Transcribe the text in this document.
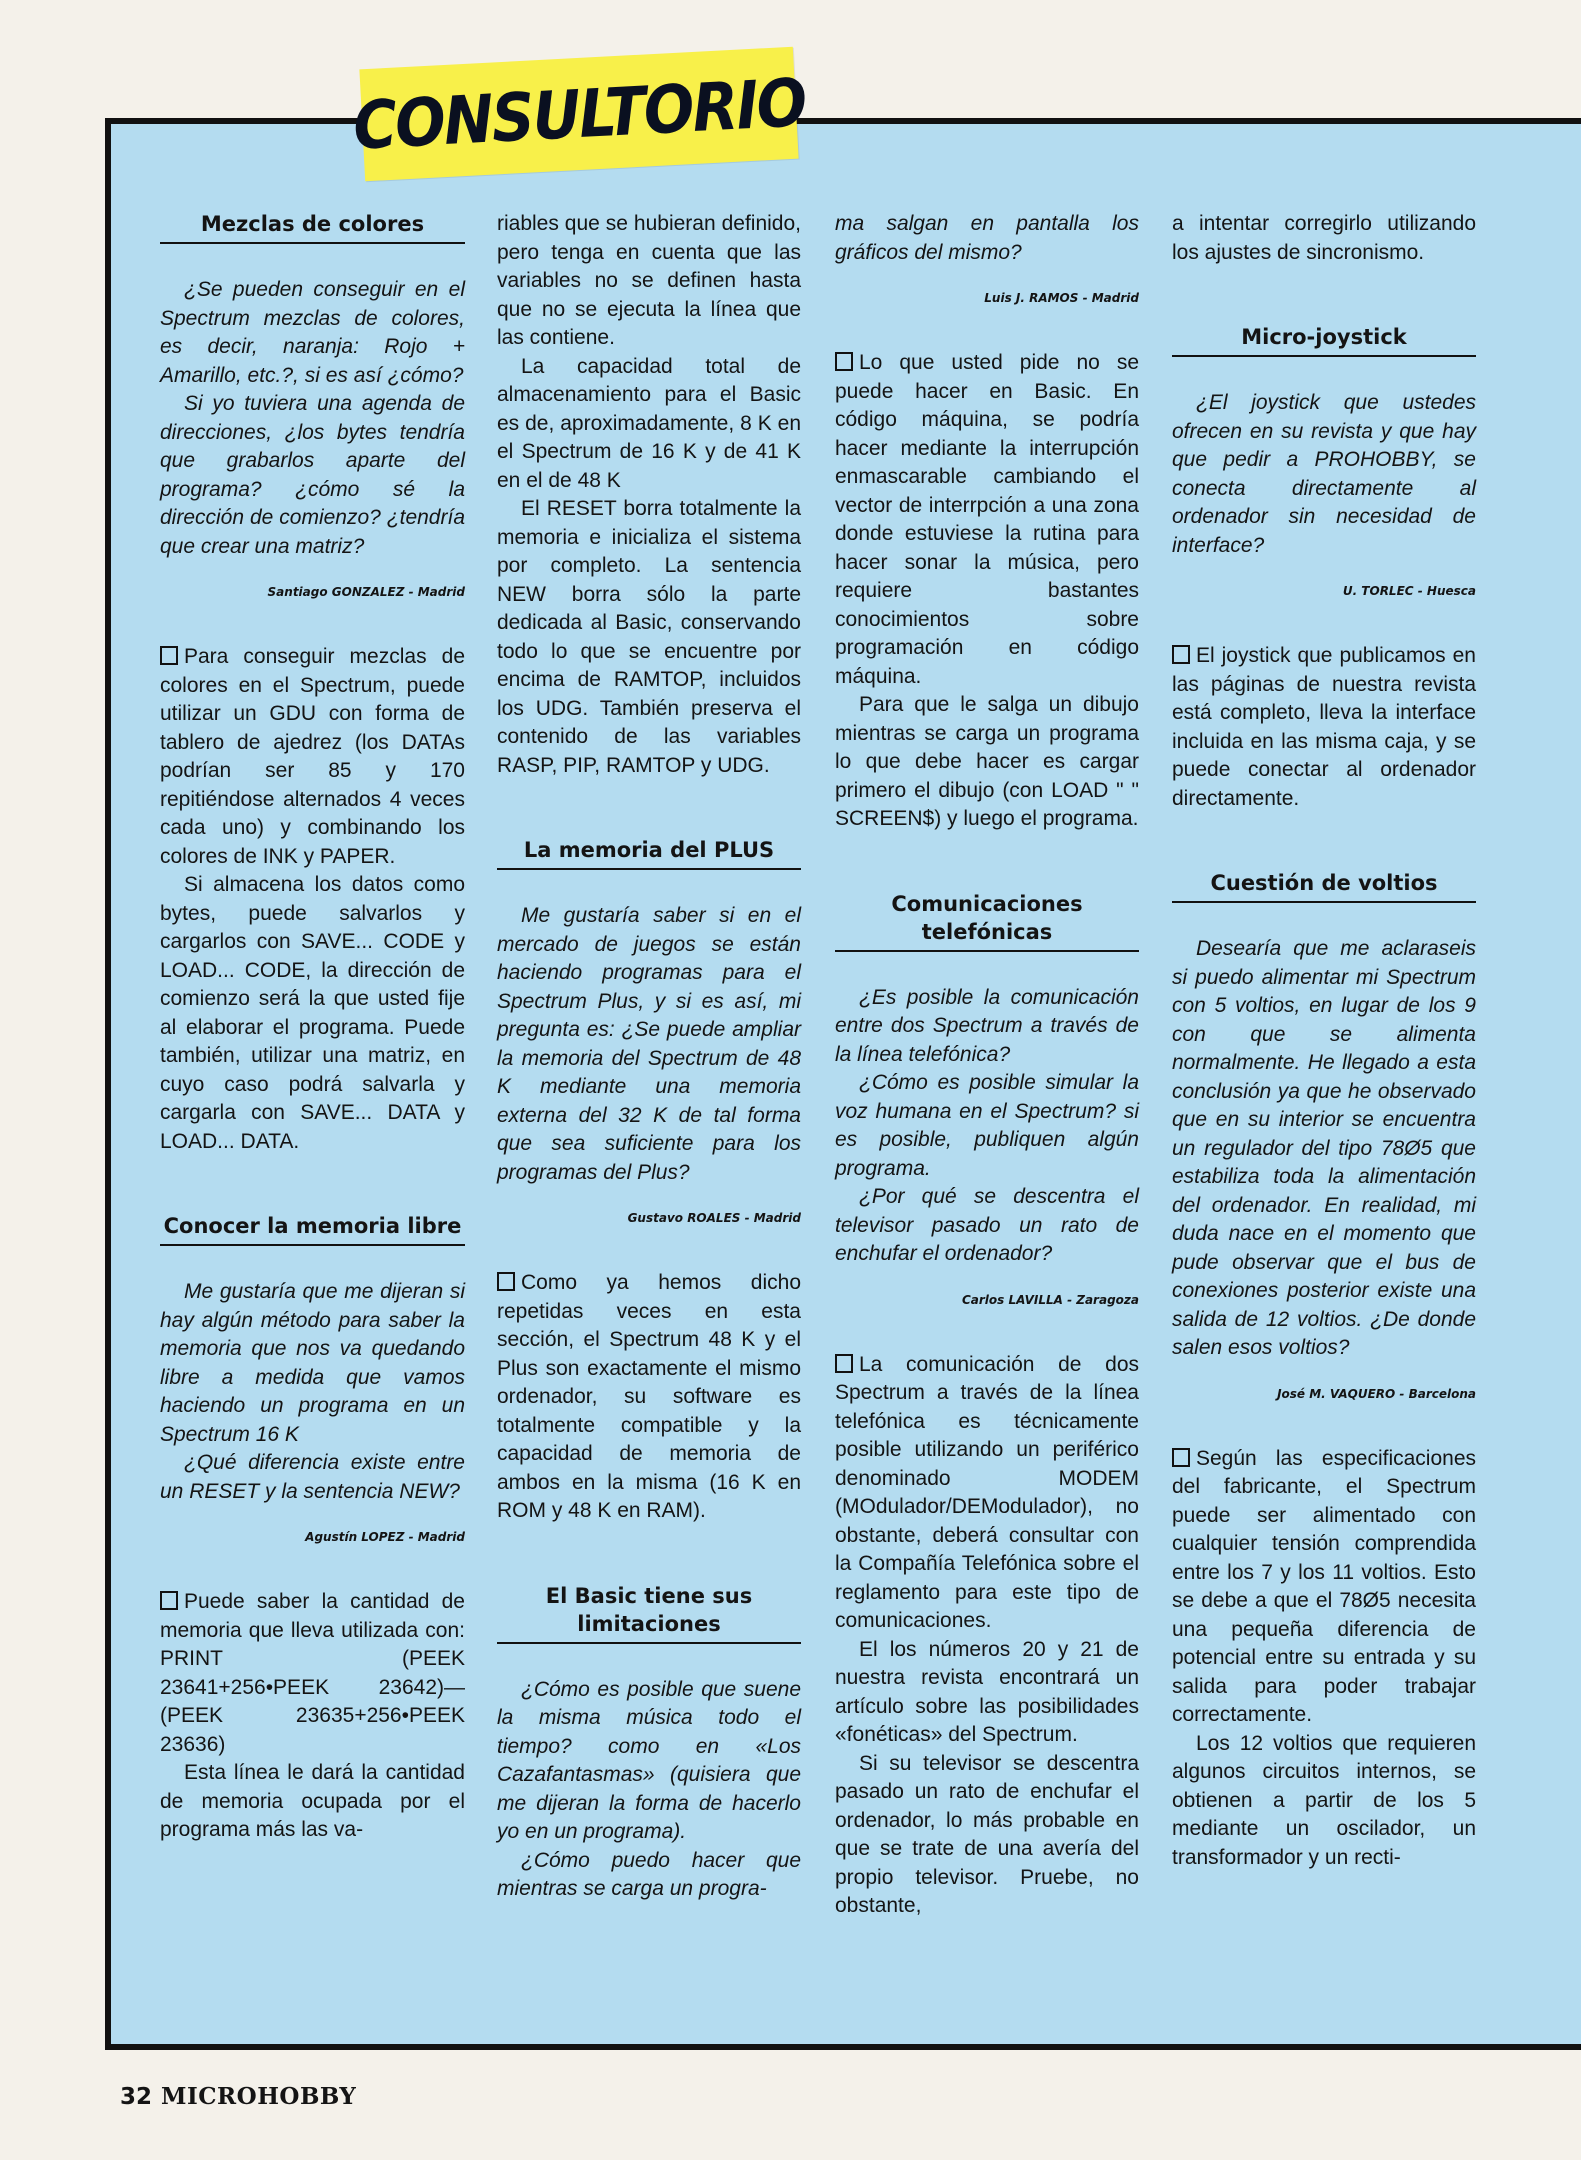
CONSULTORIO
Mezclas de colores

¿Se pueden conseguir en el Spectrum mezclas de colores, es decir, naranja: Rojo + Amarillo, etc.?, si es así ¿cómo?

Si yo tuviera una agenda de direcciones, ¿los bytes tendría que grabarlos aparte del programa? ¿cómo sé la dirección de comienzo? ¿tendría que crear una matriz?

Santiago GONZALEZ - Madrid

Para conseguir mezclas de colores en el Spectrum, puede utilizar un GDU con forma de tablero de ajedrez (los DATAs podrían ser 85 y 170 repitiéndose alternados 4 veces cada uno) y combinando los colores de INK y PAPER.

Si almacena los datos como bytes, puede salvarlos y cargarlos con SAVE... CODE y LOAD... CODE, la dirección de comienzo será la que usted fije al elaborar el programa. Puede también, utilizar una matriz, en cuyo caso podrá salvarla y cargarla con SAVE... DATA y LOAD... DATA.

Conocer la memoria libre

Me gustaría que me dijeran si hay algún método para saber la memoria que nos va quedando libre a medida que vamos haciendo un programa en un Spectrum 16 K

¿Qué diferencia existe entre un RESET y la sentencia NEW?

Agustín LOPEZ - Madrid

Puede saber la cantidad de memoria que lleva utilizada con: PRINT (PEEK 23641+256•PEEK 23642)—(PEEK 23635+256•PEEK 23636)

Esta línea le dará la cantidad de memoria ocupada por el programa más las va-

riables que se hubieran definido, pero tenga en cuenta que las variables no se definen hasta que no se ejecuta la línea que las contiene.

La capacidad total de almacenamiento para el Basic es de, aproximadamente, 8 K en el Spectrum de 16 K y de 41 K en el de 48 K

El RESET borra totalmente la memoria e inicializa el sistema por completo. La sentencia NEW borra sólo la parte dedicada al Basic, conservando todo lo que se encuentre por encima de RAMTOP, incluidos los UDG. También preserva el contenido de las variables RASP, PIP, RAMTOP y UDG.

La memoria del PLUS

Me gustaría saber si en el mercado de juegos se están haciendo programas para el Spectrum Plus, y si es así, mi pregunta es: ¿Se puede ampliar la memoria del Spectrum de 48 K mediante una memoria externa del 32 K de tal forma que sea suficiente para los programas del Plus?

Gustavo ROALES - Madrid

Como ya hemos dicho repetidas veces en esta sección, el Spectrum 48 K y el Plus son exactamente el mismo ordenador, su software es totalmente compatible y la capacidad de memoria de ambos en la misma (16 K en ROM y 48 K en RAM).

El Basic tiene sus limitaciones

¿Cómo es posible que suene la misma música todo el tiempo? como en «Los Cazafantasmas» (quisiera que me dijeran la forma de hacerlo yo en un programa).

¿Cómo puedo hacer que mientras se carga un progra-

ma salgan en pantalla los gráficos del mismo?

Luis J. RAMOS - Madrid

Lo que usted pide no se puede hacer en Basic. En código máquina, se podría hacer mediante la interrupción enmascarable cambiando el vector de interrpción a una zona donde estuviese la rutina para hacer sonar la música, pero requiere bastantes conocimientos sobre programación en código máquina.

Para que le salga un dibujo mientras se carga un programa lo que debe hacer es cargar primero el dibujo (con LOAD " " SCREEN$) y luego el programa.

Comunicaciones telefónicas

¿Es posible la comunicación entre dos Spectrum a través de la línea telefónica?

¿Cómo es posible simular la voz humana en el Spectrum? si es posible, publiquen algún programa.

¿Por qué se descentra el televisor pasado un rato de enchufar el ordenador?

Carlos LAVILLA - Zaragoza

La comunicación de dos Spectrum a través de la línea telefónica es técnicamente posible utilizando un periférico denominado MODEM (MOdulador/DEModulador), no obstante, deberá consultar con la Compañía Telefónica sobre el reglamento para este tipo de comunicaciones.

El los números 20 y 21 de nuestra revista encontrará un artículo sobre las posibilidades «fonéticas» del Spectrum.

Si su televisor se descentra pasado un rato de enchufar el ordenador, lo más probable en que se trate de una avería del propio televisor. Pruebe, no obstante,

a intentar corregirlo utilizando los ajustes de sincronismo.

Micro-joystick

¿El joystick que ustedes ofrecen en su revista y que hay que pedir a PROHOBBY, se conecta directamente al ordenador sin necesidad de interface?

U. TORLEC - Huesca

El joystick que publicamos en las páginas de nuestra revista está completo, lleva la interface incluida en las misma caja, y se puede conectar al ordenador directamente.

Cuestión de voltios

Desearía que me aclaraseis si puedo alimentar mi Spectrum con 5 voltios, en lugar de los 9 con que se alimenta normalmente. He llegado a esta conclusión ya que he observado que en su interior se encuentra un regulador del tipo 78Ø5 que estabiliza toda la alimentación del ordenador. En realidad, mi duda nace en el momento que pude observar que el bus de conexiones posterior existe una salida de 12 voltios. ¿De donde salen esos voltios?

José M. VAQUERO - Barcelona

Según las especificaciones del fabricante, el Spectrum puede ser alimentado con cualquier tensión comprendida entre los 7 y los 11 voltios. Esto se debe a que el 78Ø5 necesita una pequeña diferencia de potencial entre su entrada y su salida para poder trabajar correctamente.

Los 12 voltios que requieren algunos circuitos internos, se obtienen a partir de los 5 mediante un oscilador, un transformador y un recti-

32 MICROHOBBY
